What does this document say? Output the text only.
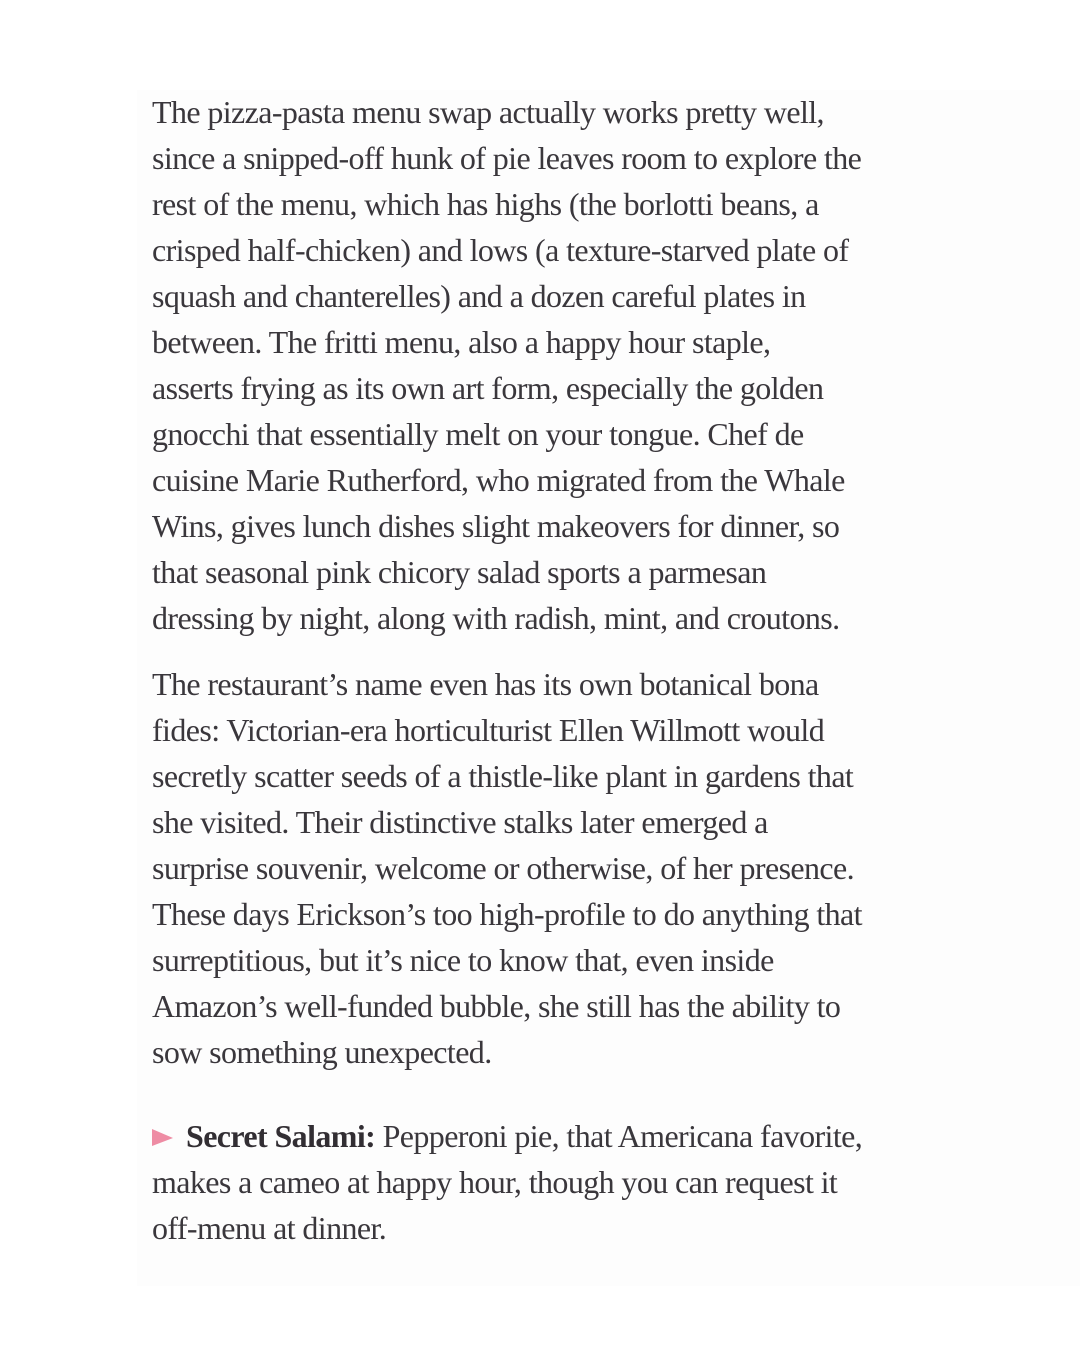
The pizza-pasta menu swap actually works pretty well,
since a snipped-off hunk of pie leaves room to explore the
rest of the menu, which has highs (the borlotti beans, a
crisped half-chicken) and lows (a texture-starved plate of
squash and chanterelles) and a dozen careful plates in
between. The fritti menu, also a happy hour staple,
asserts frying as its own art form, especially the golden
gnocchi that essentially melt on your tongue. Chef de
cuisine Marie Rutherford, who migrated from the Whale
Wins, gives lunch dishes slight makeovers for dinner, so
that seasonal pink chicory salad sports a parmesan
dressing by night, along with radish, mint, and croutons.
The restaurant’s name even has its own botanical bona
fides: Victorian-era horticulturist Ellen Willmott would
secretly scatter seeds of a thistle-like plant in gardens that
she visited. Their distinctive stalks later emerged a
surprise souvenir, welcome or otherwise, of her presence.
These days Erickson’s too high-profile to do anything that
surreptitious, but it’s nice to know that, even inside
Amazon’s well-funded bubble, she still has the ability to
sow something unexpected.
Secret Salami: Pepperoni pie, that Americana favorite,
makes a cameo at happy hour, though you can request it
off-menu at dinner.
